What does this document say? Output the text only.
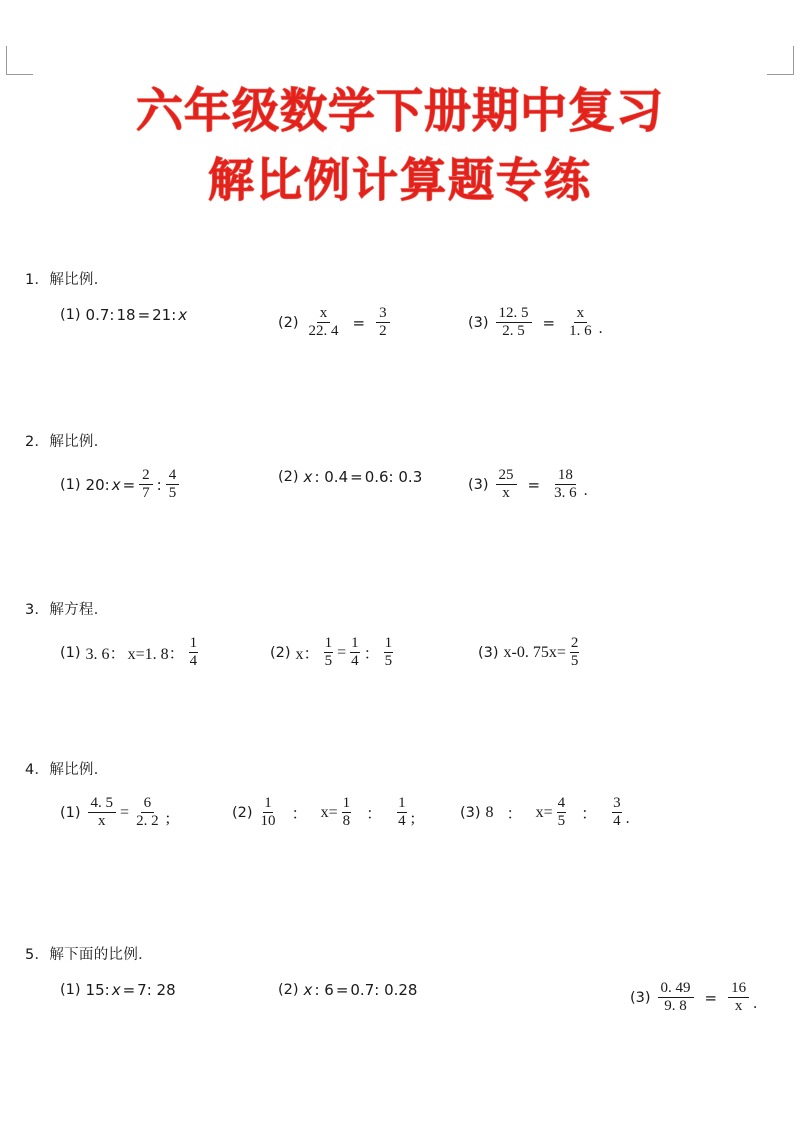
六年级数学下册期中复习
解比例计算题专练
1．解比例．
(1) 0.7: 18 = 21: x	$(2) \frac{x}{22. 4} = \frac{3}{2}$	$(3) \frac{12. 5}{2. 5} = \frac{x}{1. 6}$ .
2．解比例．
(1) 20: $x = \frac{2}{7}$ : $\frac{4}{5}$	(2) x : 0.4 = 0.6: 0.3	$(3) \frac{25}{x} = \frac{18}{3. 6}$ .
3．解方程．
(1) 3. 6： x=1. 8： $\frac{1}{4}$	(2) x： $\frac{1}{5} = \frac{1}{4}$ ： $\frac{1}{5}$	(3) x-0. $75x= \frac{2}{5}$
4．解比例．
$(1) \frac{4. 5}{x} = \frac{6}{2. 2}$ ;	$(2) \frac{1}{10}$ ： $x= \frac{1}{8}$ ： $\frac{1}{4}$ ;	(3) 8 ： $x= \frac{4}{5}$ ： $\frac{3}{4}$ .
5．解下面的比例．
(1) 15: x = 7: 28	(2) x : 6 = 0.7: 0.28	$(3) \frac{0. 49}{9. 8} = \frac{16}{x}$ .
